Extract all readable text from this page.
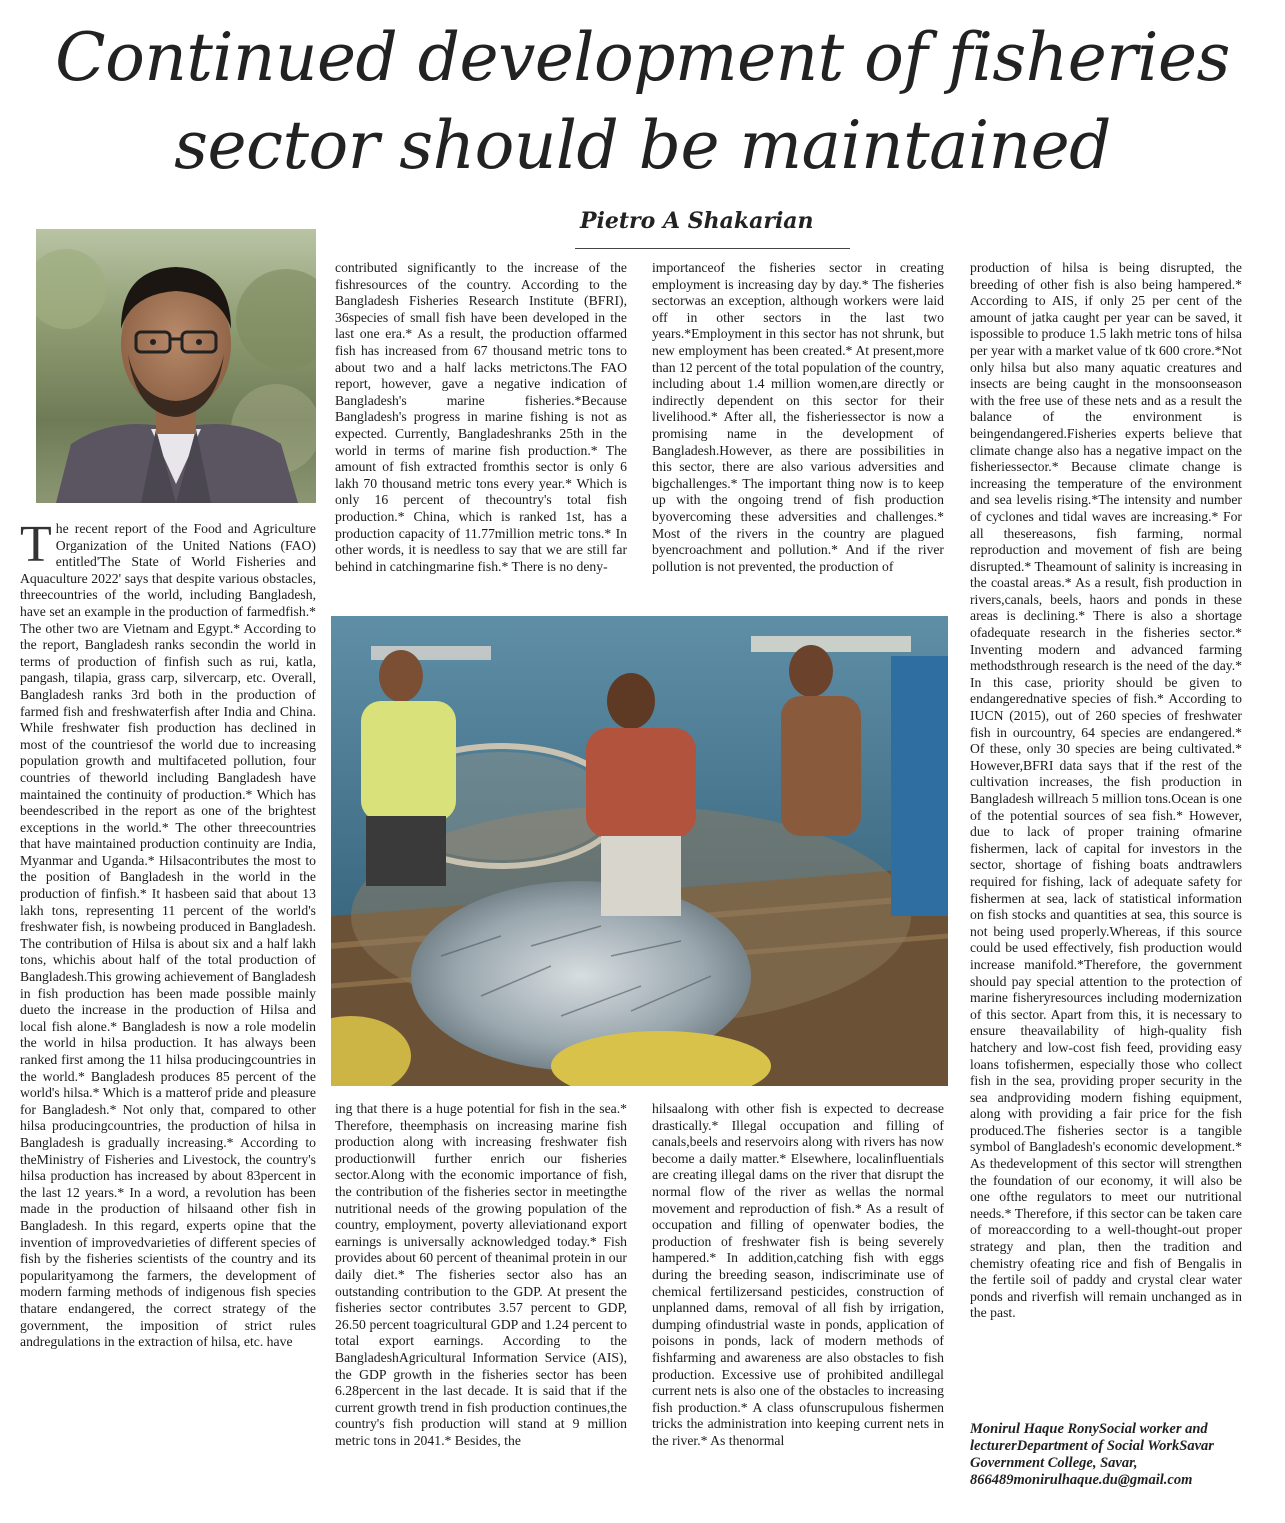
Continued development of fisheries
sector should be maintained
Pietro A Shakarian
T he recent report of the Food and Agriculture Organization of the United Nations (FAO) entitled'The State of World Fisheries and Aquaculture 2022' says that despite various obstacles, threecountries of the world, including Bangladesh, have set an example in the production of farmedfish.* The other two are Vietnam and Egypt.* According to the report, Bangladesh ranks secondin the world in terms of production of finfish such as rui, katla, pangash, tilapia, grass carp, silvercarp, etc. Overall, Bangladesh ranks 3rd both in the production of farmed fish and freshwaterfish after India and China. While freshwater fish production has declined in most of the countriesof the world due to increasing population growth and multifaceted pollution, four countries of theworld including Bangladesh have maintained the continuity of production.* Which has beendescribed in the report as one of the brightest exceptions in the world.* The other threecountries that have maintained production continuity are India, Myanmar and Uganda.* Hilsacontributes the most to the position of Bangladesh in the world in the production of finfish.* It hasbeen said that about 13 lakh tons, representing 11 percent of the world's freshwater fish, is nowbeing produced in Bangladesh. The contribution of Hilsa is about six and a half lakh tons, whichis about half of the total production of Bangladesh.This growing achievement of Bangladesh in fish production has been made possible mainly dueto the increase in the production of Hilsa and local fish alone.* Bangladesh is now a role modelin the world in hilsa production. It has always been ranked first among the 11 hilsa producingcountries in the world.* Bangladesh produces 85 percent of the world's hilsa.* Which is a matterof pride and pleasure for Bangladesh.* Not only that, compared to other hilsa producingcountries, the production of hilsa in Bangladesh is gradually increasing.* According to theMinistry of Fisheries and Livestock, the country's hilsa production has increased by about 83percent in the last 12 years.* In a word, a revolution has been made in the production of hilsaand other fish in Bangladesh. In this regard, experts opine that the invention of improvedvarieties of different species of fish by the fisheries scientists of the country and its popularityamong the farmers, the development of modern farming methods of indigenous fish species thatare endangered, the correct strategy of the government, the imposition of strict rules andregulations in the extraction of hilsa, etc. have

contributed significantly to the increase of the fishresources of the country. According to the Bangladesh Fisheries Research Institute (BFRI), 36species of small fish have been developed in the last one era.* As a result, the production offarmed fish has increased from 67 thousand metric tons to about two and a half lacks metrictons.The FAO report, however, gave a negative indication of Bangladesh's marine fisheries.*Because Bangladesh's progress in marine fishing is not as expected. Currently, Bangladeshranks 25th in the world in terms of marine fish production.* The amount of fish extracted fromthis sector is only 6 lakh 70 thousand metric tons every year.* Which is only 16 percent of thecountry's total fish production.* China, which is ranked 1st, has a production capacity of 11.77million metric tons.* In other words, it is needless to say that we are still far behind in catchingmarine fish.* There is no deny-

importanceof the fisheries sector in creating employment is increasing day by day.* The fisheries sectorwas an exception, although workers were laid off in other sectors in the last two years.*Employment in this sector has not shrunk, but new employment has been created.* At present,more than 12 percent of the total population of the country, including about 1.4 million women,are directly or indirectly dependent on this sector for their livelihood.* After all, the fisheriessector is now a promising name in the development of Bangladesh.However, as there are possibilities in this sector, there are also various adversities and bigchallenges.* The important thing now is to keep up with the ongoing trend of fish production byovercoming these adversities and challenges.* Most of the rivers in the country are plagued byencroachment and pollution.* And if the river pollution is not prevented, the production of

ing that there is a huge potential for fish in the sea.* Therefore, theemphasis on increasing marine fish production along with increasing freshwater fish productionwill further enrich our fisheries sector.Along with the economic importance of fish, the contribution of the fisheries sector in meetingthe nutritional needs of the growing population of the country, employment, poverty alleviationand export earnings is universally acknowledged today.* Fish provides about 60 percent of theanimal protein in our daily diet.* The fisheries sector also has an outstanding contribution to the GDP. At present the fisheries sector contributes 3.57 percent to GDP, 26.50 percent toagricultural GDP and 1.24 percent to total export earnings. According to the BangladeshAgricultural Information Service (AIS), the GDP growth in the fisheries sector has been 6.28percent in the last decade. It is said that if the current growth trend in fish production continues,the country's fish production will stand at 9 million metric tons in 2041.* Besides, the

hilsaalong with other fish is expected to decrease drastically.* Illegal occupation and filling of canals,beels and reservoirs along with rivers has now become a daily matter.* Elsewhere, localinfluentials are creating illegal dams on the river that disrupt the normal flow of the river as wellas the normal movement and reproduction of fish.* As a result of occupation and filling of openwater bodies, the production of freshwater fish is being severely hampered.* In addition,catching fish with eggs during the breeding season, indiscriminate use of chemical fertilizersand pesticides, construction of unplanned dams, removal of all fish by irrigation, dumping ofindustrial waste in ponds, application of poisons in ponds, lack of modern methods of fishfarming and awareness are also obstacles to fish production. Excessive use of prohibited andillegal current nets is also one of the obstacles to increasing fish production.* A class ofunscrupulous fishermen tricks the administration into keeping current nets in the river.* As thenormal

production of hilsa is being disrupted, the breeding of other fish is also being hampered.* According to AIS, if only 25 per cent of the amount of jatka caught per year can be saved, it ispossible to produce 1.5 lakh metric tons of hilsa per year with a market value of tk 600 crore.*Not only hilsa but also many aquatic creatures and insects are being caught in the monsoonseason with the free use of these nets and as a result the balance of the environment is beingendangered.Fisheries experts believe that climate change also has a negative impact on the fisheriessector.* Because climate change is increasing the temperature of the environment and sea levelis rising.*The intensity and number of cyclones and tidal waves are increasing.* For all thesereasons, fish farming, normal reproduction and movement of fish are being disrupted.* Theamount of salinity is increasing in the coastal areas.* As a result, fish production in rivers,canals, beels, haors and ponds in these areas is declining.* There is also a shortage ofadequate research in the fisheries sector.* Inventing modern and advanced farming methodsthrough research is the need of the day.* In this case, priority should be given to endangerednative species of fish.* According to IUCN (2015), out of 260 species of freshwater fish in ourcountry, 64 species are endangered.* Of these, only 30 species are being cultivated.* However,BFRI data says that if the rest of the cultivation increases, the fish production in Bangladesh willreach 5 million tons.Ocean is one of the potential sources of sea fish.* However, due to lack of proper training ofmarine fishermen, lack of capital for investors in the sector, shortage of fishing boats andtrawlers required for fishing, lack of adequate safety for fishermen at sea, lack of statistical information on fish stocks and quantities at sea, this source is not being used properly.Whereas, if this source could be used effectively, fish production would increase manifold.*Therefore, the government should pay special attention to the protection of marine fisheryresources including modernization of this sector. Apart from this, it is necessary to ensure theavailability of high-quality fish hatchery and low-cost fish feed, providing easy loans tofishermen, especially those who collect fish in the sea, providing proper security in the sea andproviding modern fishing equipment, along with providing a fair price for the fish produced.The fisheries sector is a tangible symbol of Bangladesh's economic development.* As thedevelopment of this sector will strengthen the foundation of our economy, it will also be one ofthe regulators to meet our nutritional needs.* Therefore, if this sector can be taken care of moreaccording to a well-thought-out proper strategy and plan, then the tradition and chemistry ofeating rice and fish of Bengalis in the fertile soil of paddy and crystal clear water ponds and riverfish will remain unchanged as in the past.

Monirul Haque RonySocial worker and lecturerDepartment of Social WorkSavar Government College, Savar, 866489monirulhaque.du@gmail.com
